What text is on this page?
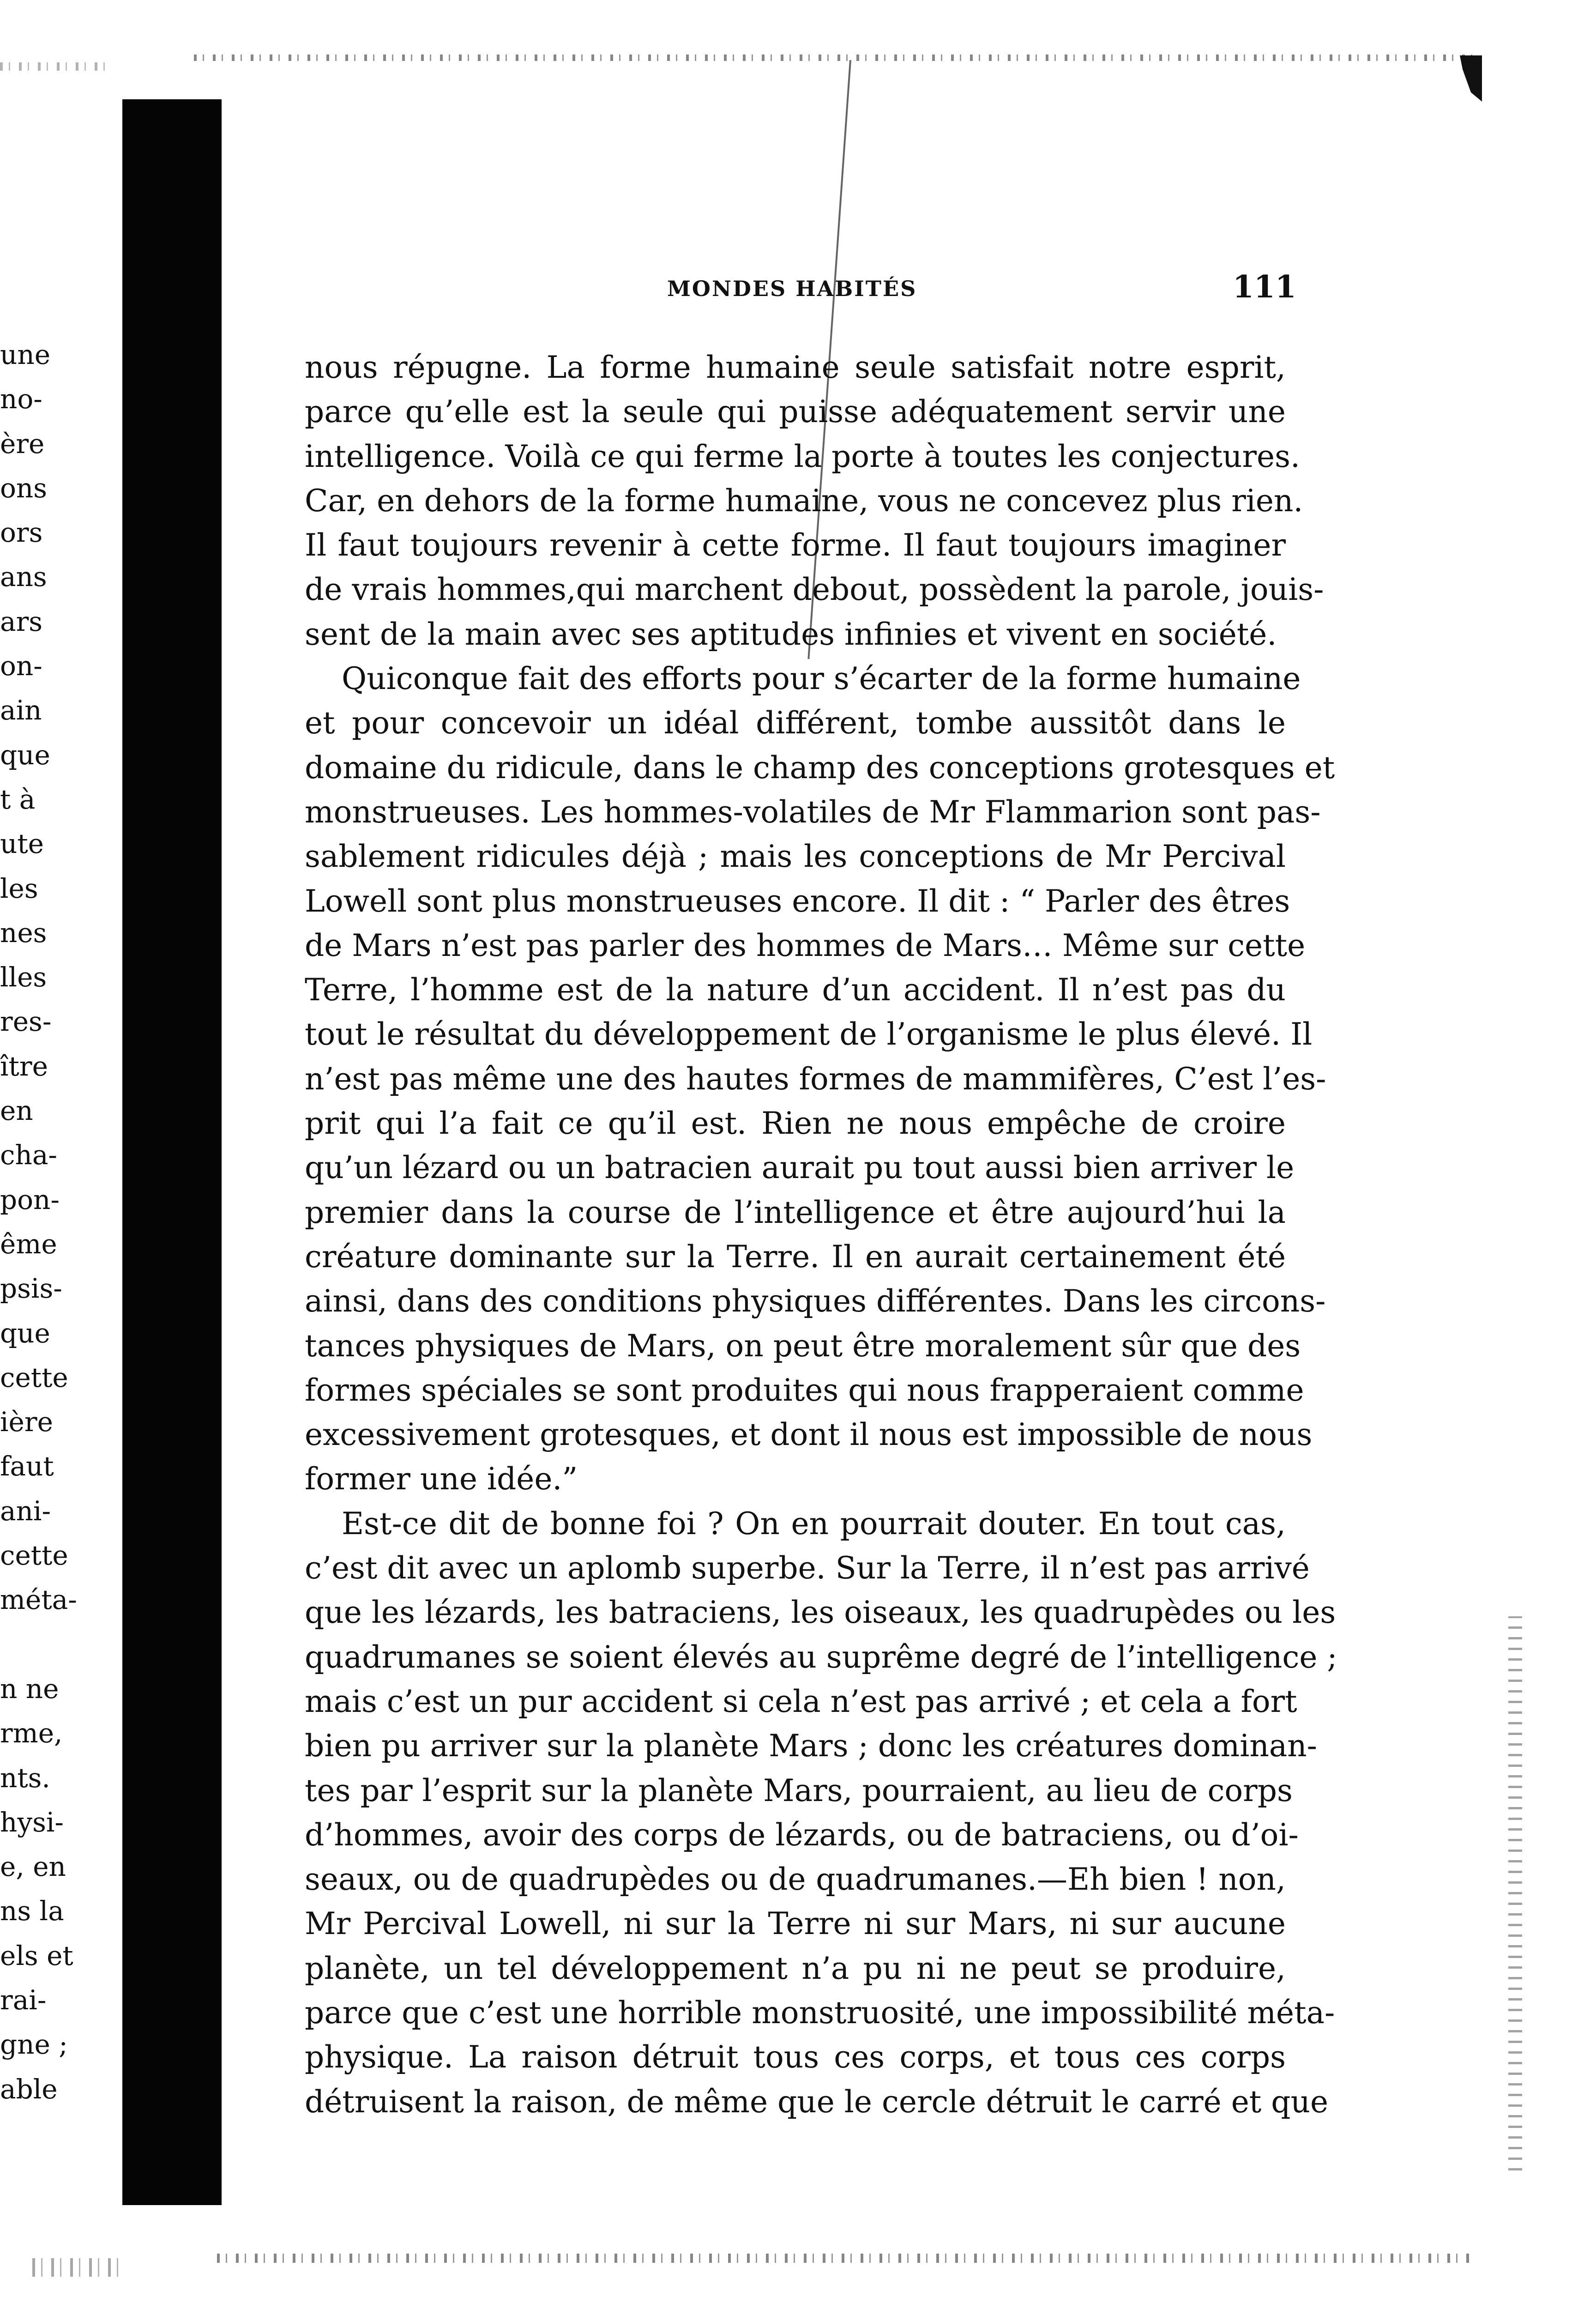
une
no-
ère
ons
ors
ans
ars
on-
ain
que
t à
ute
les
nes
lles
res-
ître
en
cha-
pon-
ême
psis-
que
cette
ière
faut
ani-
cette
méta-
n ne
rme,
nts.
hysi-
e, en
ns la
els et
rai-
gne ;
able
MONDES HABITÉS	111
nous répugne. La forme humaine seule satisfait notre esprit,
parce qu’elle est la seule qui puisse adéquatement servir une
intelligence. Voilà ce qui ferme la porte à toutes les conjectures.
Car, en dehors de la forme humaine, vous ne concevez plus rien.
Il faut toujours revenir à cette forme. Il faut toujours imaginer
de vrais hommes,qui marchent debout, possèdent la parole, jouis-
sent de la main avec ses aptitudes infinies et vivent en société.
Quiconque fait des efforts pour s’écarter de la forme humaine
et pour concevoir un idéal différent, tombe aussitôt dans le
domaine du ridicule, dans le champ des conceptions grotesques et
monstrueuses. Les hommes-volatiles de Mr Flammarion sont pas-
sablement ridicules déjà ; mais les conceptions de Mr Percival
Lowell sont plus monstrueuses encore. Il dit : “ Parler des êtres
de Mars n’est pas parler des hommes de Mars… Même sur cette
Terre, l’homme est de la nature d’un accident. Il n’est pas du
tout le résultat du développement de l’organisme le plus élevé. Il
n’est pas même une des hautes formes de mammifères, C’est l’es-
prit qui l’a fait ce qu’il est. Rien ne nous empêche de croire
qu’un lézard ou un batracien aurait pu tout aussi bien arriver le
premier dans la course de l’intelligence et être aujourd’hui la
créature dominante sur la Terre. Il en aurait certainement été
ainsi, dans des conditions physiques différentes. Dans les circons-
tances physiques de Mars, on peut être moralement sûr que des
formes spéciales se sont produites qui nous frapperaient comme
excessivement grotesques, et dont il nous est impossible de nous
former une idée.”
Est-ce dit de bonne foi ? On en pourrait douter. En tout cas,
c’est dit avec un aplomb superbe. Sur la Terre, il n’est pas arrivé
que les lézards, les batraciens, les oiseaux, les quadrupèdes ou les
quadrumanes se soient élevés au suprême degré de l’intelligence ;
mais c’est un pur accident si cela n’est pas arrivé ; et cela a fort
bien pu arriver sur la planète Mars ; donc les créatures dominan-
tes par l’esprit sur la planète Mars, pourraient, au lieu de corps
d’hommes, avoir des corps de lézards, ou de batraciens, ou d’oi-
seaux, ou de quadrupèdes ou de quadrumanes.—Eh bien ! non,
Mr Percival Lowell, ni sur la Terre ni sur Mars, ni sur aucune
planète, un tel développement n’a pu ni ne peut se produire,
parce que c’est une horrible monstruosité, une impossibilité méta-
physique. La raison détruit tous ces corps, et tous ces corps
détruisent la raison, de même que le cercle détruit le carré et que
